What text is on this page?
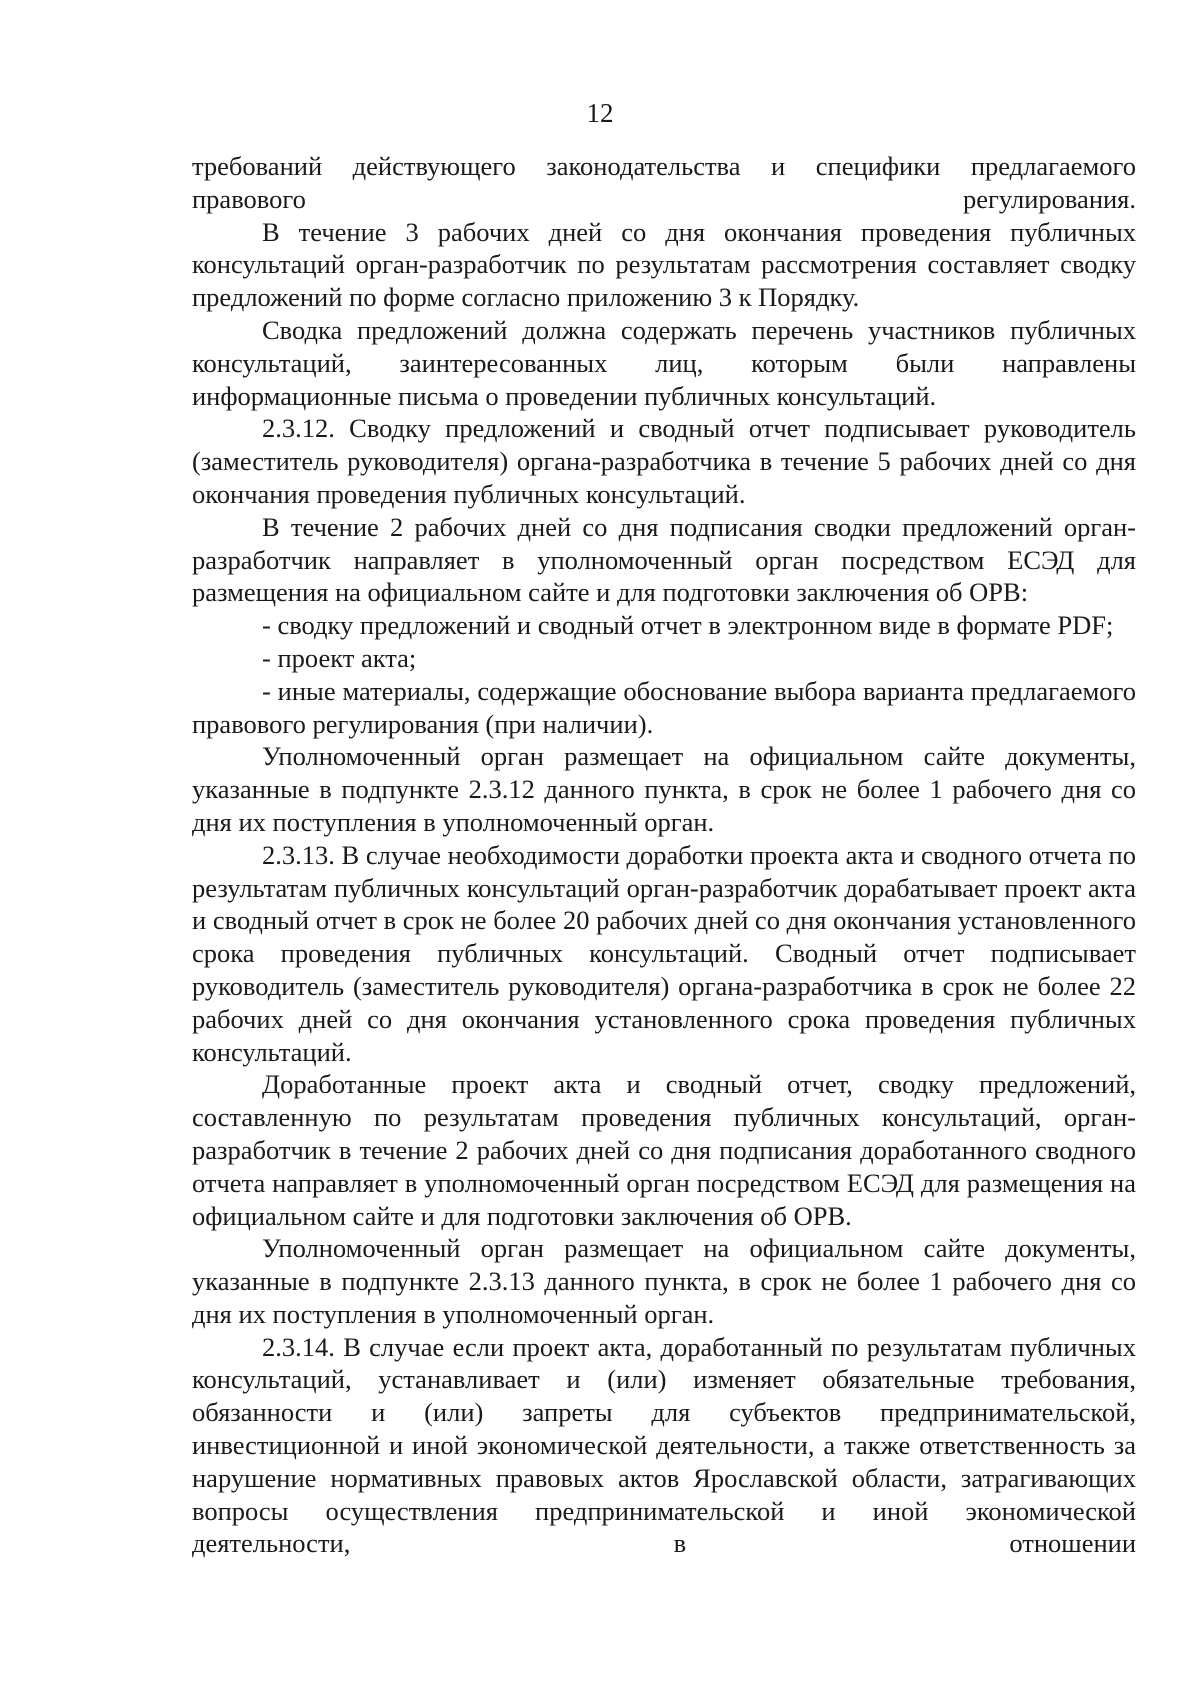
12

требований действующего законодательства и специфики предлагаемого правового регулирования.

В течение 3 рабочих дней со дня окончания проведения публичных консультаций орган-разработчик по результатам рассмотрения составляет сводку предложений по форме согласно приложению 3 к Порядку.

Сводка предложений должна содержать перечень участников публичных консультаций, заинтересованных лиц, которым были направлены информационные письма о проведении публичных консультаций.

2.3.12. Сводку предложений и сводный отчет подписывает руководитель (заместитель руководителя) органа-разработчика в течение 5 рабочих дней со дня окончания проведения публичных консультаций.

В течение 2 рабочих дней со дня подписания сводки предложений орган-разработчик направляет в уполномоченный орган посредством ЕСЭД для размещения на официальном сайте и для подготовки заключения об ОРВ:

- сводку предложений и сводный отчет в электронном виде в формате PDF;

- проект акта;

- иные материалы, содержащие обоснование выбора варианта предлагаемого правового регулирования (при наличии).

Уполномоченный орган размещает на официальном сайте документы, указанные в подпункте 2.3.12 данного пункта, в срок не более 1 рабочего дня со дня их поступления в уполномоченный орган.

2.3.13. В случае необходимости доработки проекта акта и сводного отчета по результатам публичных консультаций орган-разработчик дорабатывает проект акта и сводный отчет в срок не более 20 рабочих дней со дня окончания установленного срока проведения публичных консультаций. Сводный отчет подписывает руководитель (заместитель руководителя) органа-разработчика в срок не более 22 рабочих дней со дня окончания установленного срока проведения публичных консультаций.

Доработанные проект акта и сводный отчет, сводку предложений, составленную по результатам проведения публичных консультаций, орган-разработчик в течение 2 рабочих дней со дня подписания доработанного сводного отчета направляет в уполномоченный орган посредством ЕСЭД для размещения на официальном сайте и для подготовки заключения об ОРВ.

Уполномоченный орган размещает на официальном сайте документы, указанные в подпункте 2.3.13 данного пункта, в срок не более 1 рабочего дня со дня их поступления в уполномоченный орган.

2.3.14. В случае если проект акта, доработанный по результатам публичных консультаций, устанавливает и (или) изменяет обязательные требования, обязанности и (или) запреты для субъектов предпринимательской, инвестиционной и иной экономической деятельности, а также ответственность за нарушение нормативных правовых актов Ярославской области, затрагивающих вопросы осуществления предпринимательской и иной экономической деятельности, в отношении
